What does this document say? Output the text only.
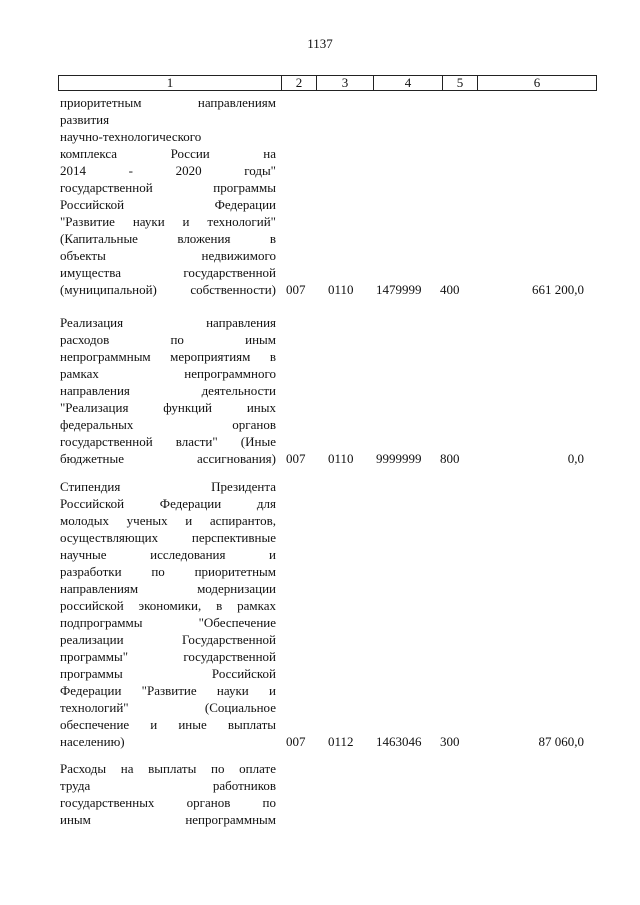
1137
1	2	3	4	5	6
приоритетным направлениям
развития
научно-технологического
комплекса России на
2014 - 2020 годы"
государственной программы
Российской Федерации
"Развитие науки и технологий"
(Капитальные вложения в
объекты недвижимого
имущества государственной
(муниципальной) собственности) 007 0110 1479999 400	661 200,0
Реализация направления
расходов по иным
непрограммным мероприятиям в
рамках непрограммного
направления деятельности
"Реализация функций иных
федеральных органов
государственной власти" (Иные
бюджетные ассигнования) 007 0110 9999999 800	0,0
Стипендия Президента
Российской Федерации для
молодых ученых и аспирантов,
осуществляющих перспективные
научные исследования и
разработки по приоритетным
направлениям модернизации
российской экономики, в рамках
подпрограммы "Обеспечение
реализации Государственной
программы" государственной
программы Российской
Федерации "Развитие науки и
технологий" (Социальное
обеспечение и иные выплаты
населению)	007 0112 1463046 300	87 060,0
Расходы на выплаты по оплате
труда работников
государственных органов по
иным непрограммным
